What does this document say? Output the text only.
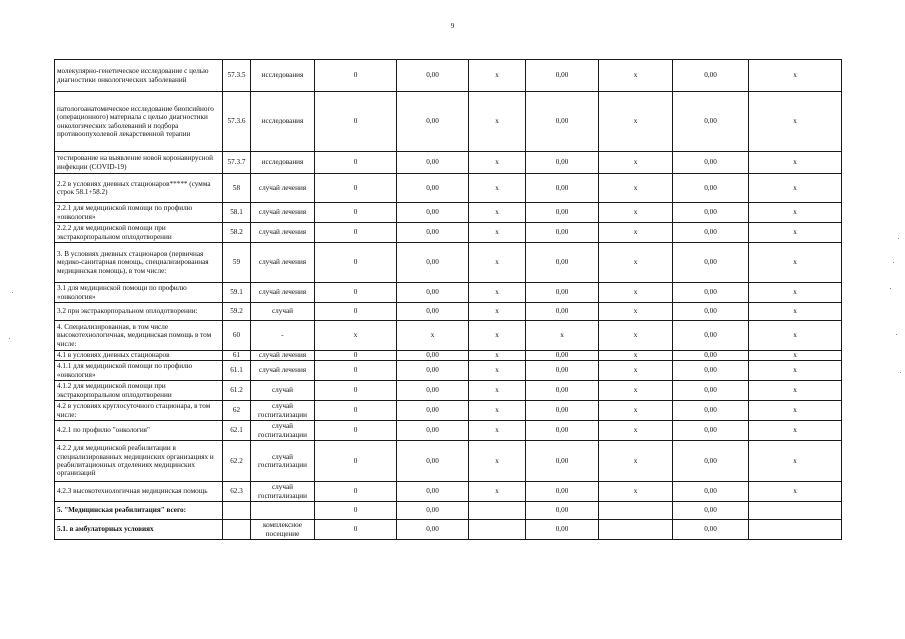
9
молекулярно-генетическое исследование с целью диагностики онкологических заболеваний	57.3.5	исследования	0	0,00	х	0,00	х	0,00	х
патологоанатомическое исследование биопсийного (операционного) материала с целью диагностики онкологических заболеваний и подбора противоопухолевой лекарственной терапии	57.3.6	исследования	0	0,00	х	0,00	х	0,00	х
тестирование на выявление новой коронавирусной инфекции (COVID-19)	57.3.7	исследования	0	0,00	х	0,00	х	0,00	х
2.2 в условиях дневных стационаров***** (сумма строк 58.1+58.2)	58	случай лечения	0	0,00	х	0,00	х	0,00	х
2.2.1 для медицинской помощи по профилю «онкология»	58.1	случай лечения	0	0,00	х	0,00	х	0,00	х
2.2.2 для медицинской помощи при экстракорпоральном оплодотворении	58.2	случай лечения	0	0,00	х	0,00	х	0,00	х
3. В условиях дневных стационаров (первичная медико-санитарная помощь, специализированная медицинская помощь), в том числе:	59	случай лечения	0	0,00	х	0,00	х	0,00	х
3.1 для медицинской помощи по профилю «онкология»	59.1	случай лечения	0	0,00	х	0,00	х	0,00	х
3.2 при экстракорпоральном оплодотворении:	59.2	случай	0	0,00	х	0,00	х	0,00	х
4. Специализированная, в том числе высокотехнологичная, медицинская помощь в том числе:	60	-	х	х	х	х	х	0,00	х
4.1 в условиях дневных стационаров	61	случай лечения	0	0,00	х	0,00	х	0,00	х
4.1.1 для медицинской помощи по профилю «онкология»	61.1	случай лечения	0	0,00	х	0,00	х	0,00	х
4.1.2 для медицинской помощи при экстракорпоральном оплодотворении	61.2	случай	0	0,00	х	0,00	х	0,00	х
4.2 в условиях круглосуточного стационара, в том числе:	62	случай госпитализации	0	0,00	х	0,00	х	0,00	х
4.2.1 по профилю "онкология"	62.1	случай госпитализации	0	0,00	х	0,00	х	0,00	х
4.2.2 для медицинской реабилитации в специализированных медицинских организациях и реабилитационных отделениях медицинских организаций	62.2	случай госпитализации	0	0,00	х	0,00	х	0,00	х
4.2.3 высокотехнологичная медицинская помощь	62.3	случай госпитализации	0	0,00	х	0,00	х	0,00	х
5. "Медицинская реабилитация" всего:			0	0,00		0,00		0,00	
5.1. в амбулаторных условиях		комплексное посещение	0	0,00		0,00		0,00	
